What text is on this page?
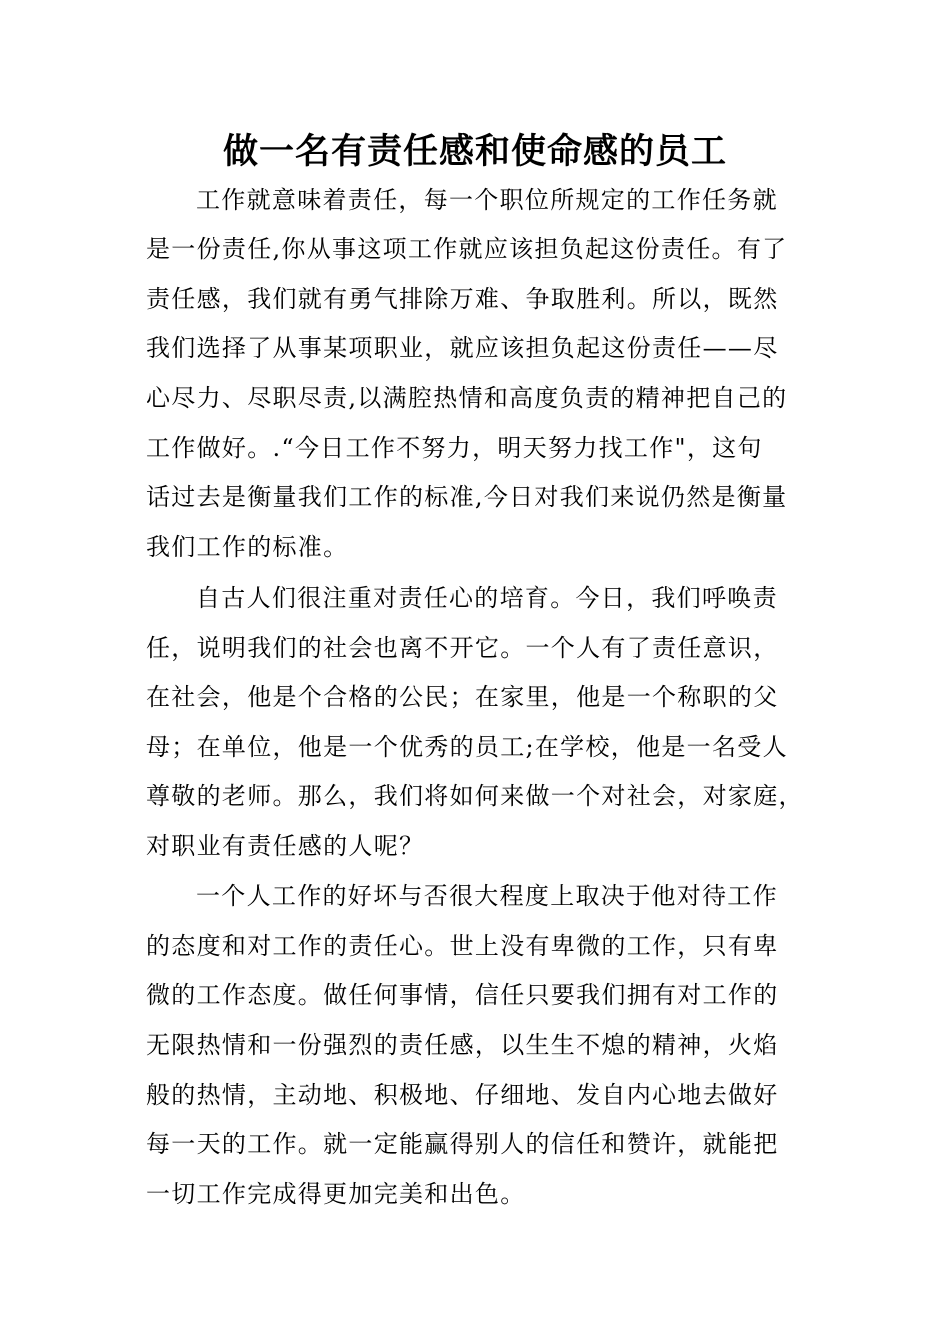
做一名有责任感和使命感的员工
工作就意味着责任，每一个职位所规定的工作任务就
是一份责任,你从事这项工作就应该担负起这份责任。有了
责任感，我们就有勇气排除万难、争取胜利。所以，既然
我们选择了从事某项职业，就应该担负起这份责任——尽
心尽力、尽职尽责,以满腔热情和高度负责的精神把自己的
工作做好。.“今日工作不努力，明天努力找工作"，这句
话过去是衡量我们工作的标准,今日对我们来说仍然是衡量
我们工作的标准。
自古人们很注重对责任心的培育。今日，我们呼唤责
任，说明我们的社会也离不开它。一个人有了责任意识，
在社会，他是个合格的公民；在家里，他是一个称职的父
母；在单位，他是一个优秀的员工;在学校，他是一名受人
尊敬的老师。那么，我们将如何来做一个对社会，对家庭，
对职业有责任感的人呢？
一个人工作的好坏与否很大程度上取决于他对待工作
的态度和对工作的责任心。世上没有卑微的工作，只有卑
微的工作态度。做任何事情，信任只要我们拥有对工作的
无限热情和一份强烈的责任感，以生生不熄的精神，火焰
般的热情，主动地、积极地、仔细地、发自内心地去做好
每一天的工作。就一定能赢得别人的信任和赞许，就能把
一切工作完成得更加完美和出色。
